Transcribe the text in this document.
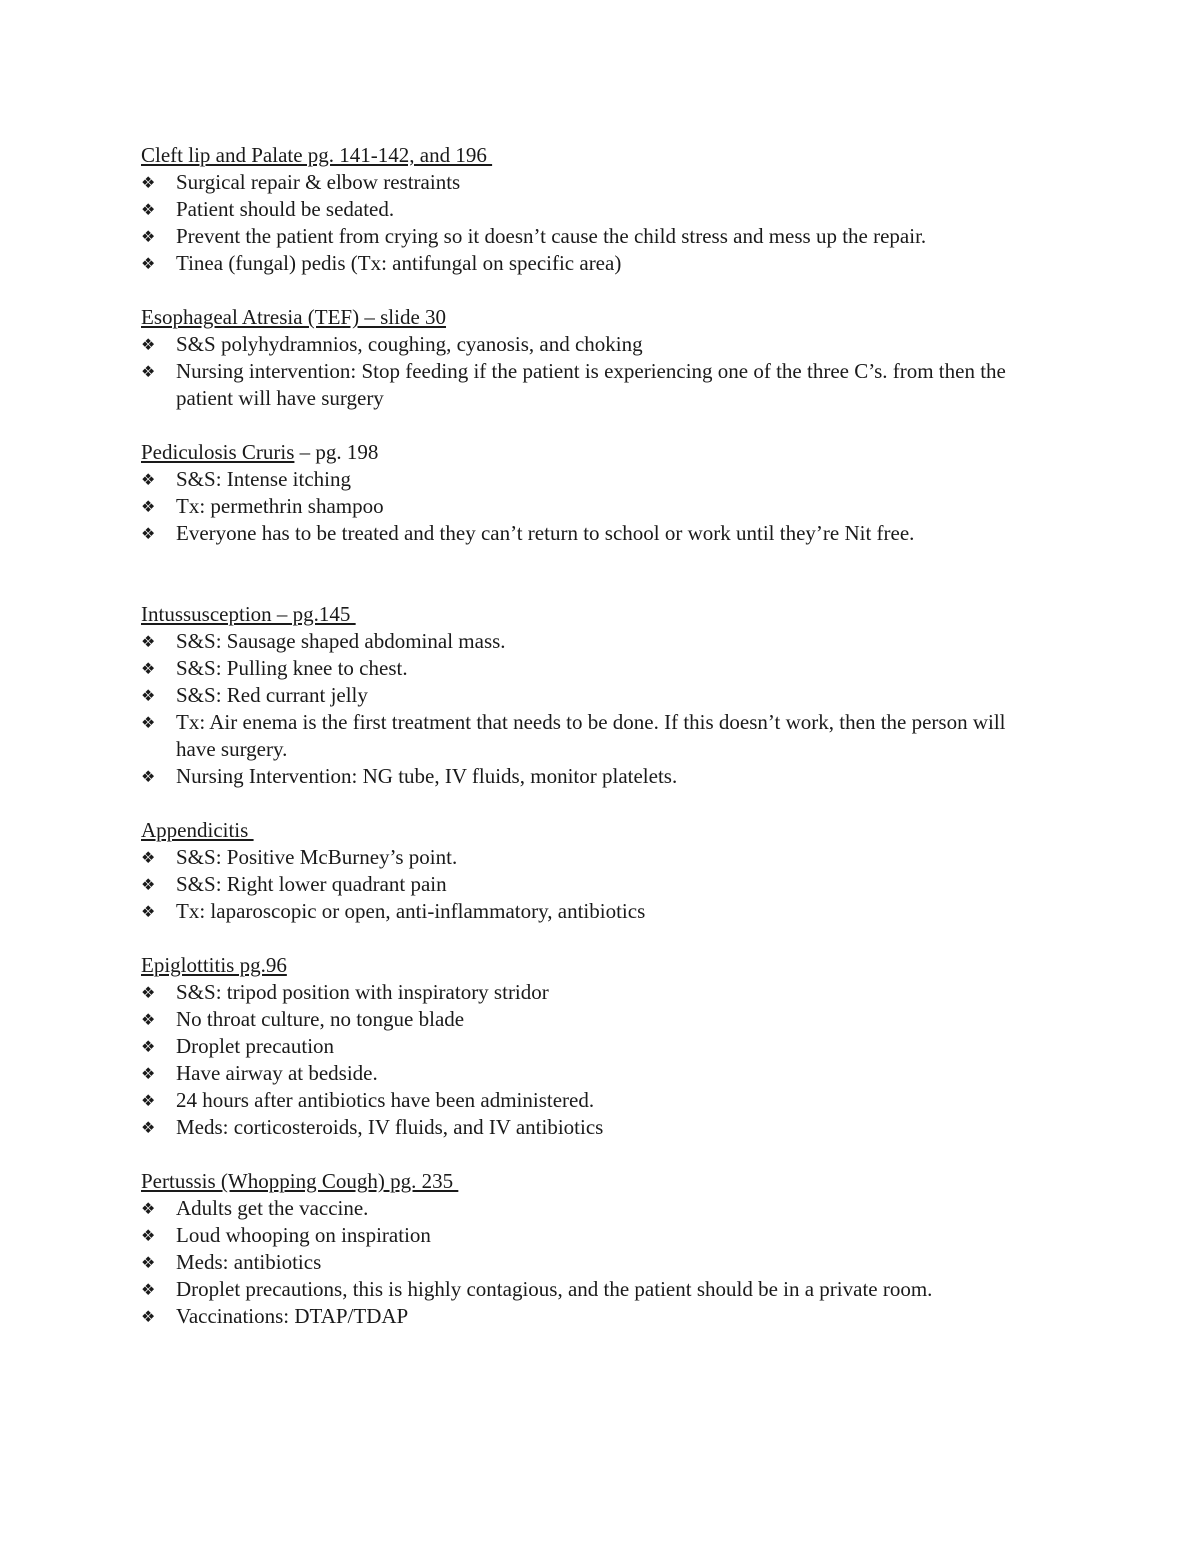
Cleft lip and Palate pg. 141-142, and 196
❖ Surgical repair & elbow restraints
❖ Patient should be sedated.
❖ Prevent the patient from crying so it doesn’t cause the child stress and mess up the repair.
❖ Tinea (fungal) pedis (Tx: antifungal on specific area)
Esophageal Atresia (TEF) – slide 30
❖ S&S polyhydramnios, coughing, cyanosis, and choking
❖ Nursing intervention: Stop feeding if the patient is experiencing one of the three C’s. from then the patient will have surgery
Pediculosis Cruris – pg. 198
❖ S&S: Intense itching
❖ Tx: permethrin shampoo
❖ Everyone has to be treated and they can’t return to school or work until they’re Nit free.
Intussusception – pg.145
❖ S&S: Sausage shaped abdominal mass.
❖ S&S: Pulling knee to chest.
❖ S&S: Red currant jelly
❖ Tx: Air enema is the first treatment that needs to be done. If this doesn’t work, then the person will have surgery.
❖ Nursing Intervention: NG tube, IV fluids, monitor platelets.
Appendicitis
❖ S&S: Positive McBurney’s point.
❖ S&S: Right lower quadrant pain
❖ Tx: laparoscopic or open, anti-inflammatory, antibiotics
Epiglottitis pg.96
❖ S&S: tripod position with inspiratory stridor
❖ No throat culture, no tongue blade
❖ Droplet precaution
❖ Have airway at bedside.
❖ 24 hours after antibiotics have been administered.
❖ Meds: corticosteroids, IV fluids, and IV antibiotics
Pertussis (Whopping Cough) pg. 235
❖ Adults get the vaccine.
❖ Loud whooping on inspiration
❖ Meds: antibiotics
❖ Droplet precautions, this is highly contagious, and the patient should be in a private room.
❖ Vaccinations: DTAP/TDAP
